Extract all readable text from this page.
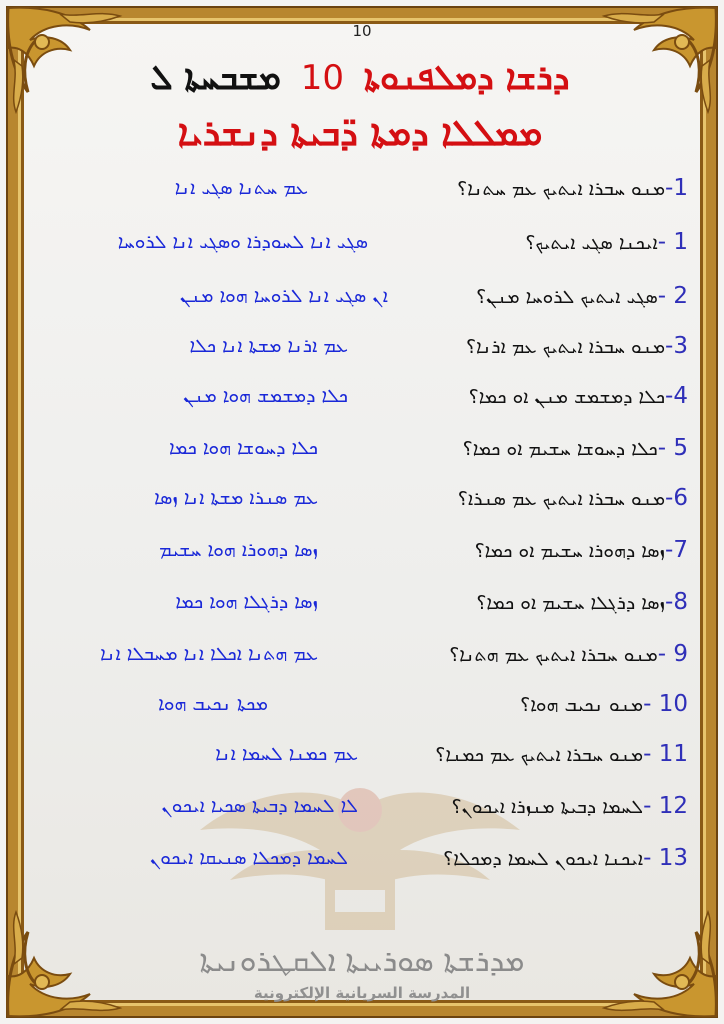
10
ܕܪܫܐ ܕܡܠܦܢܘܬܐ 10 ܡܫܒܚܬܐ ܠ
ܡܡܠܠܐ ܕܡܬܐ ܕ̈ܒܝܬܐ ܕܢܫܪܝܐ
1-ܡܢܘ ܚܒܪܐ ܐܝܬܝܟ ܥܡ ܚܬܢܐ؟
ܥܡ ܚܬܢܐ ܣܓܝ ܐܢܐ
1 -ܐܝܟܢܐ ܣܓܝ ܐܝܬܝܟ؟
ܣܓܝ ܐܢܐ ܠܚܘܕܪܐ ܘܣܓܝ ܐܢܐ ܠܪܘܚܐ
2 -ܣܓܝ ܐܝܬܝܟ ܠܪܘܚܐ ܡܢܢ؟
ܐܢ ܣܓܝ ܐܢܐ ܠܪܘܚܐ ܗܘܐ ܡܢܢ
3-ܡܢܘ ܚܒܪܐ ܐܝܬܝܟ ܥܡ ܐܪܢܐ؟
ܥܡ ܐܪܢܐ ܡܫܬܐ ܐܢܐ ܟܠܐ
4-ܟܠܐ ܕܡܫܡܫ ܡܢܢ ܐܘ ܟܡܐ؟
ܟܠܐ ܕܡܫܡܫ ܗܘܐ ܡܢܢ
5 -ܟܠܐ ܕܚܘܫܐ ܚܫܝܡ ܐܘ ܟܡܐ؟
ܟܠܐ ܕܚܘܫܐ ܗܘܐ ܟܡܐ
6-ܡܢܘ ܚܒܪܐ ܐܝܬܝܟ ܥܡ ܣܢܪܐ؟
ܥܡ ܣܢܪܐ ܡܫܬܐ ܐܢܐ ܙܣܐ
7-ܙܣܐ ܕܗܘܪܐ ܚܫܝܡ ܐܘ ܟܡܐ؟
ܙܣܐ ܕܗܘܪܐ ܗܘܐ ܚܫܝܡ
8-ܙܣܐ ܕܪܓܠܐ ܚܫܝܡ ܐܘ ܟܡܐ؟
ܙܣܐ ܕܪܓܠܐ ܗܘܐ ܟܡܐ
9 -ܡܢܘ ܚܒܪܐ ܐܝܬܝܟ ܥܡ ܗܬܢܐ؟
ܥܡ ܗܬܢܐ ܐܟܠܐ ܐܢܐ ܡܚܒܠܐ ܐܢܐ
10 -ܡܢܘ ܢܟܝܒ ܗܘܐ؟
ܡܟܬܐ ܢܟܝܒ ܗܘܐ
11 -ܡܢܘ ܚܒܪܐ ܐܝܬܝܟ ܥܡ ܟܡܢܐ؟
ܥܡ ܟܡܢܐ ܠܚܡܐ ܐܢܐ
12 -ܠܚܡܐ ܕܒܝܬܐ ܡܢܙܪܐ ܐܝܟܘܢ؟
ܠܐ ܠܚܡܐ ܕܒܝܬܐ ܣܟܝܐ ܐܝܟܘܢ
13 -ܐܝܟܢܐ ܐܝܟܘܢ ܠܚܡܐ ܕܡܟܠܐ؟
ܠܚܡܐ ܕܡܟܠܐ ܣܢܝܩܐ ܐܝܟܘܢ
ܡܕܪܫܬܐ ܣܘܪܝܝܬܐ ܐܠܩܛܪܘܢܝܬܐ
المدرسة السريانية الإلكترونية
